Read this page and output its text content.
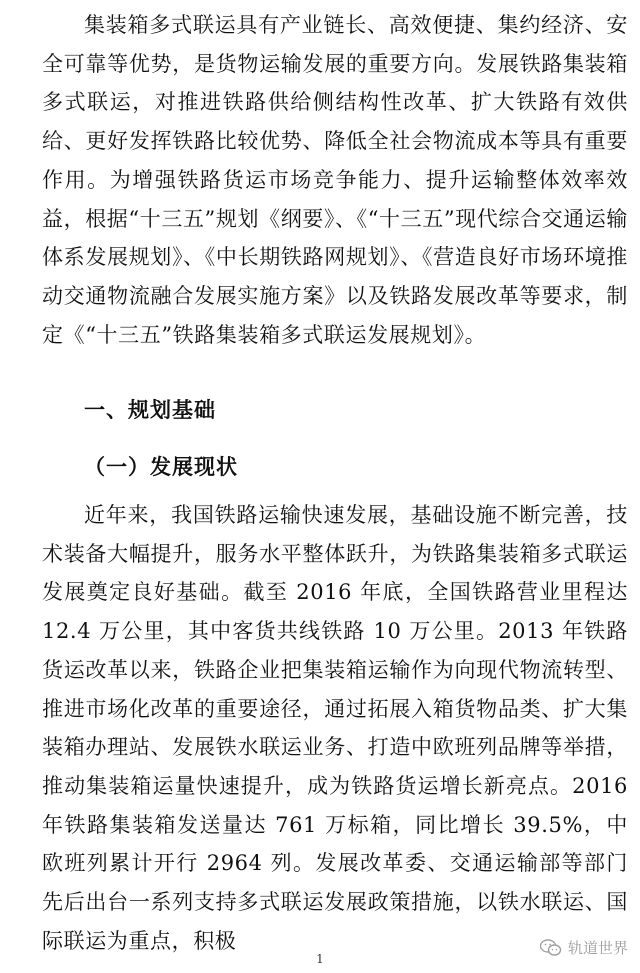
集装箱多式联运具有产业链长、高效便捷、集约经济、安全可靠等优势，是货物运输发展的重要方向。发展铁路集装箱多式联运，对推进铁路供给侧结构性改革、扩大铁路有效供给、更好发挥铁路比较优势、降低全社会物流成本等具有重要作用。为增强铁路货运市场竞争能力、提升运输整体效率效益，根据“十三五”规划《纲要》、《“十三五”现代综合交通运输体系发展规划》、《中长期铁路网规划》、《营造良好市场环境推动交通物流融合发展实施方案》以及铁路发展改革等要求，制定《“十三五”铁路集装箱多式联运发展规划》。

一、规划基础
（一）发展现状

近年来，我国铁路运输快速发展，基础设施不断完善，技术装备大幅提升，服务水平整体跃升，为铁路集装箱多式联运发展奠定良好基础。截至 2016 年底，全国铁路营业里程达 12.4 万公里，其中客货共线铁路 10 万公里。2013 年铁路货运改革以来，铁路企业把集装箱运输作为向现代物流转型、推进市场化改革的重要途径，通过拓展入箱货物品类、扩大集装箱办理站、发展铁水联运业务、打造中欧班列品牌等举措，推动集装箱运量快速提升，成为铁路货运增长新亮点。2016 年铁路集装箱发送量达 761 万标箱，同比增长 39.5%，中欧班列累计开行 2964 列。发展改革委、交通运输部等部门先后出台一系列支持多式联运发展政策措施，以铁水联运、国际联运为重点，积极	轨道世界
1
